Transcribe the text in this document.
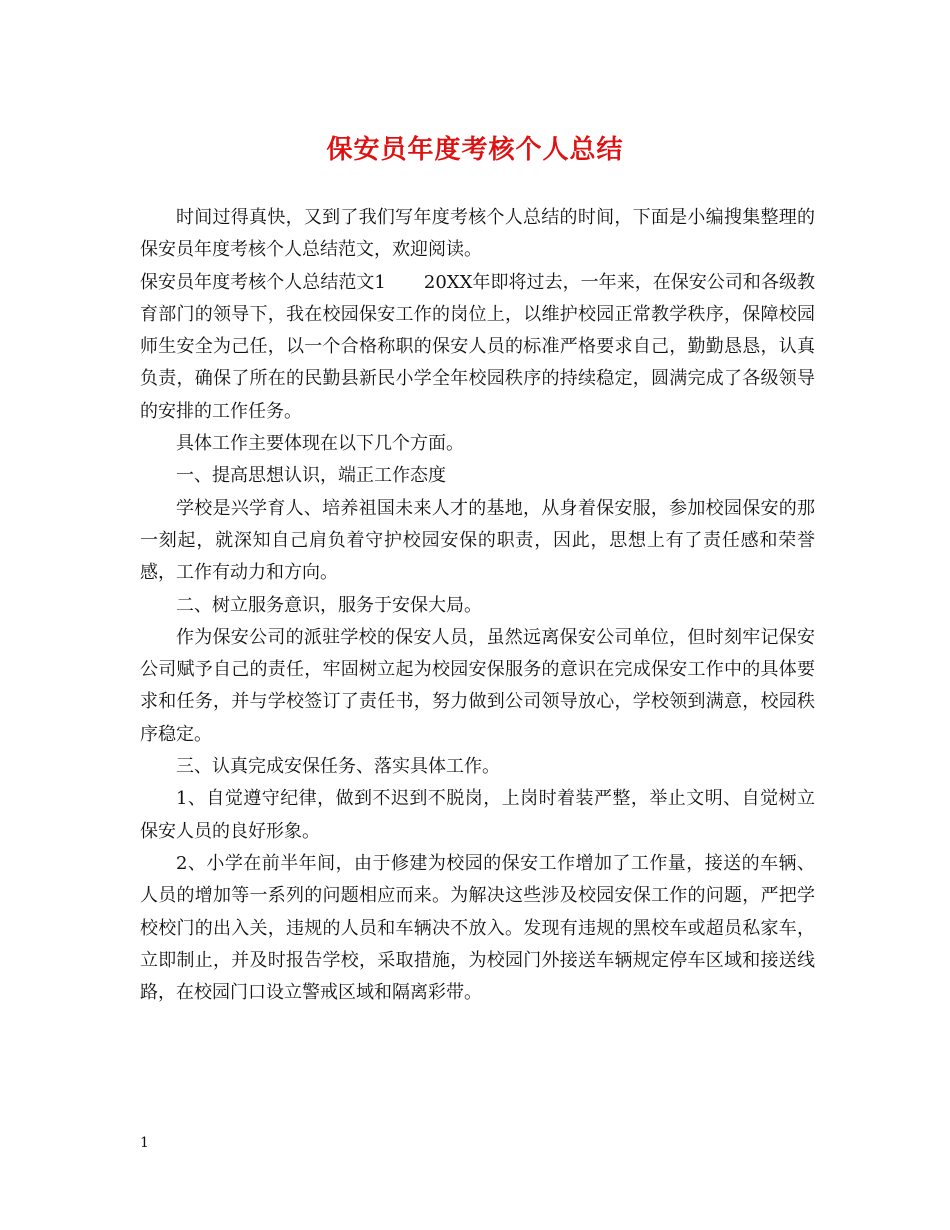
保安员年度考核个人总结

时间过得真快，又到了我们写年度考核个人总结的时间，下面是小编搜集整理的保安员年度考核个人总结范文，欢迎阅读。

保安员年度考核个人总结范文1 20XX年即将过去，一年来，在保安公司和各级教育部门的领导下，我在校园保安工作的岗位上，以维护校园正常教学秩序，保障校园师生安全为己任，以一个合格称职的保安人员的标准严格要求自己，勤勤恳恳，认真负责，确保了所在的民勤县新民小学全年校园秩序的持续稳定，圆满完成了各级领导的安排的工作任务。

具体工作主要体现在以下几个方面。

一、提高思想认识，端正工作态度

学校是兴学育人、培养祖国未来人才的基地，从身着保安服，参加校园保安的那一刻起，就深知自己肩负着守护校园安保的职责，因此，思想上有了责任感和荣誉感，工作有动力和方向。

二、树立服务意识，服务于安保大局。

作为保安公司的派驻学校的保安人员，虽然远离保安公司单位，但时刻牢记保安公司赋予自己的责任，牢固树立起为校园安保服务的意识在完成保安工作中的具体要求和任务，并与学校签订了责任书，努力做到公司领导放心，学校领到满意，校园秩序稳定。

三、认真完成安保任务、落实具体工作。

1、自觉遵守纪律，做到不迟到不脱岗，上岗时着装严整，举止文明、自觉树立保安人员的良好形象。

2、小学在前半年间，由于修建为校园的保安工作增加了工作量，接送的车辆、人员的增加等一系列的问题相应而来。为解决这些涉及校园安保工作的问题，严把学校校门的出入关，违规的人员和车辆决不放入。发现有违规的黑校车或超员私家车，立即制止，并及时报告学校，采取措施，为校园门外接送车辆规定停车区域和接送线路，在校园门口设立警戒区域和隔离彩带。

1
